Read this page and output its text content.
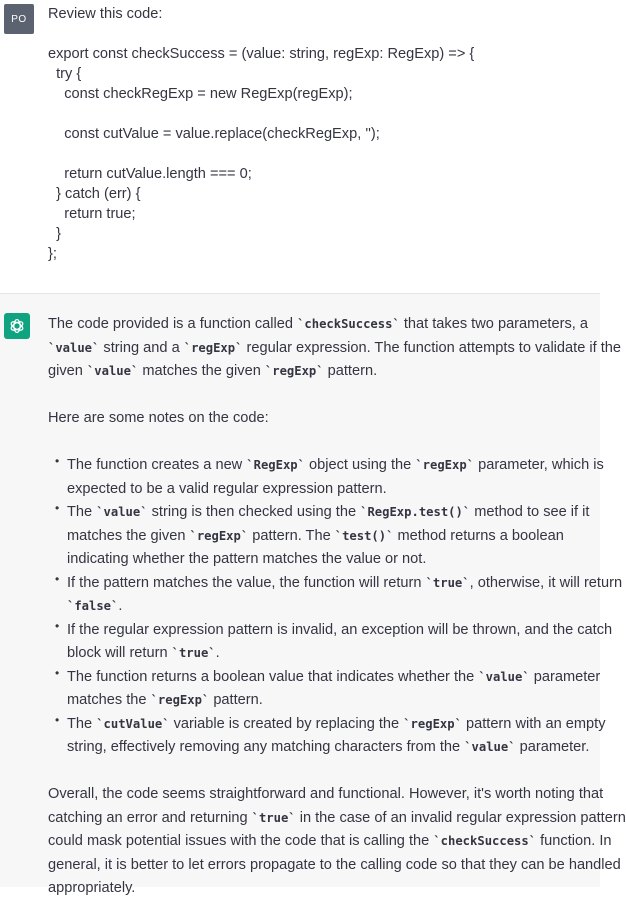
PO	Review this code:
export const checkSuccess = (value: string, regExp: RegExp) => {
try {
const checkRegExp = new RegExp(regExp);
const cutValue = value.replace(checkRegExp, '');
return cutValue.length === 0;
} catch (err) {
return true;
}
};
The code provided is a function called `checkSuccess` that takes two parameters, a
`value` string and a `regExp` regular expression. The function attempts to validate if the
given `value` matches the given `regExp` pattern.
Here are some notes on the code:
• The function creates a new `RegExp` object using the `regExp` parameter, which is
expected to be a valid regular expression pattern.
• The `value` string is then checked using the `RegExp.test()` method to see if it
matches the given `regExp` pattern. The `test()` method returns a boolean
indicating whether the pattern matches the value or not.
• If the pattern matches the value, the function will return `true`, otherwise, it will return
`false`.
• If the regular expression pattern is invalid, an exception will be thrown, and the catch
block will return `true`.
• The function returns a boolean value that indicates whether the `value` parameter
matches the `regExp` pattern.
• The `cutValue` variable is created by replacing the `regExp` pattern with an empty
string, effectively removing any matching characters from the `value` parameter.
Overall, the code seems straightforward and functional. However, it's worth noting that
catching an error and returning `true` in the case of an invalid regular expression pattern
could mask potential issues with the code that is calling the `checkSuccess` function. In
general, it is better to let errors propagate to the calling code so that they can be handled
appropriately.
